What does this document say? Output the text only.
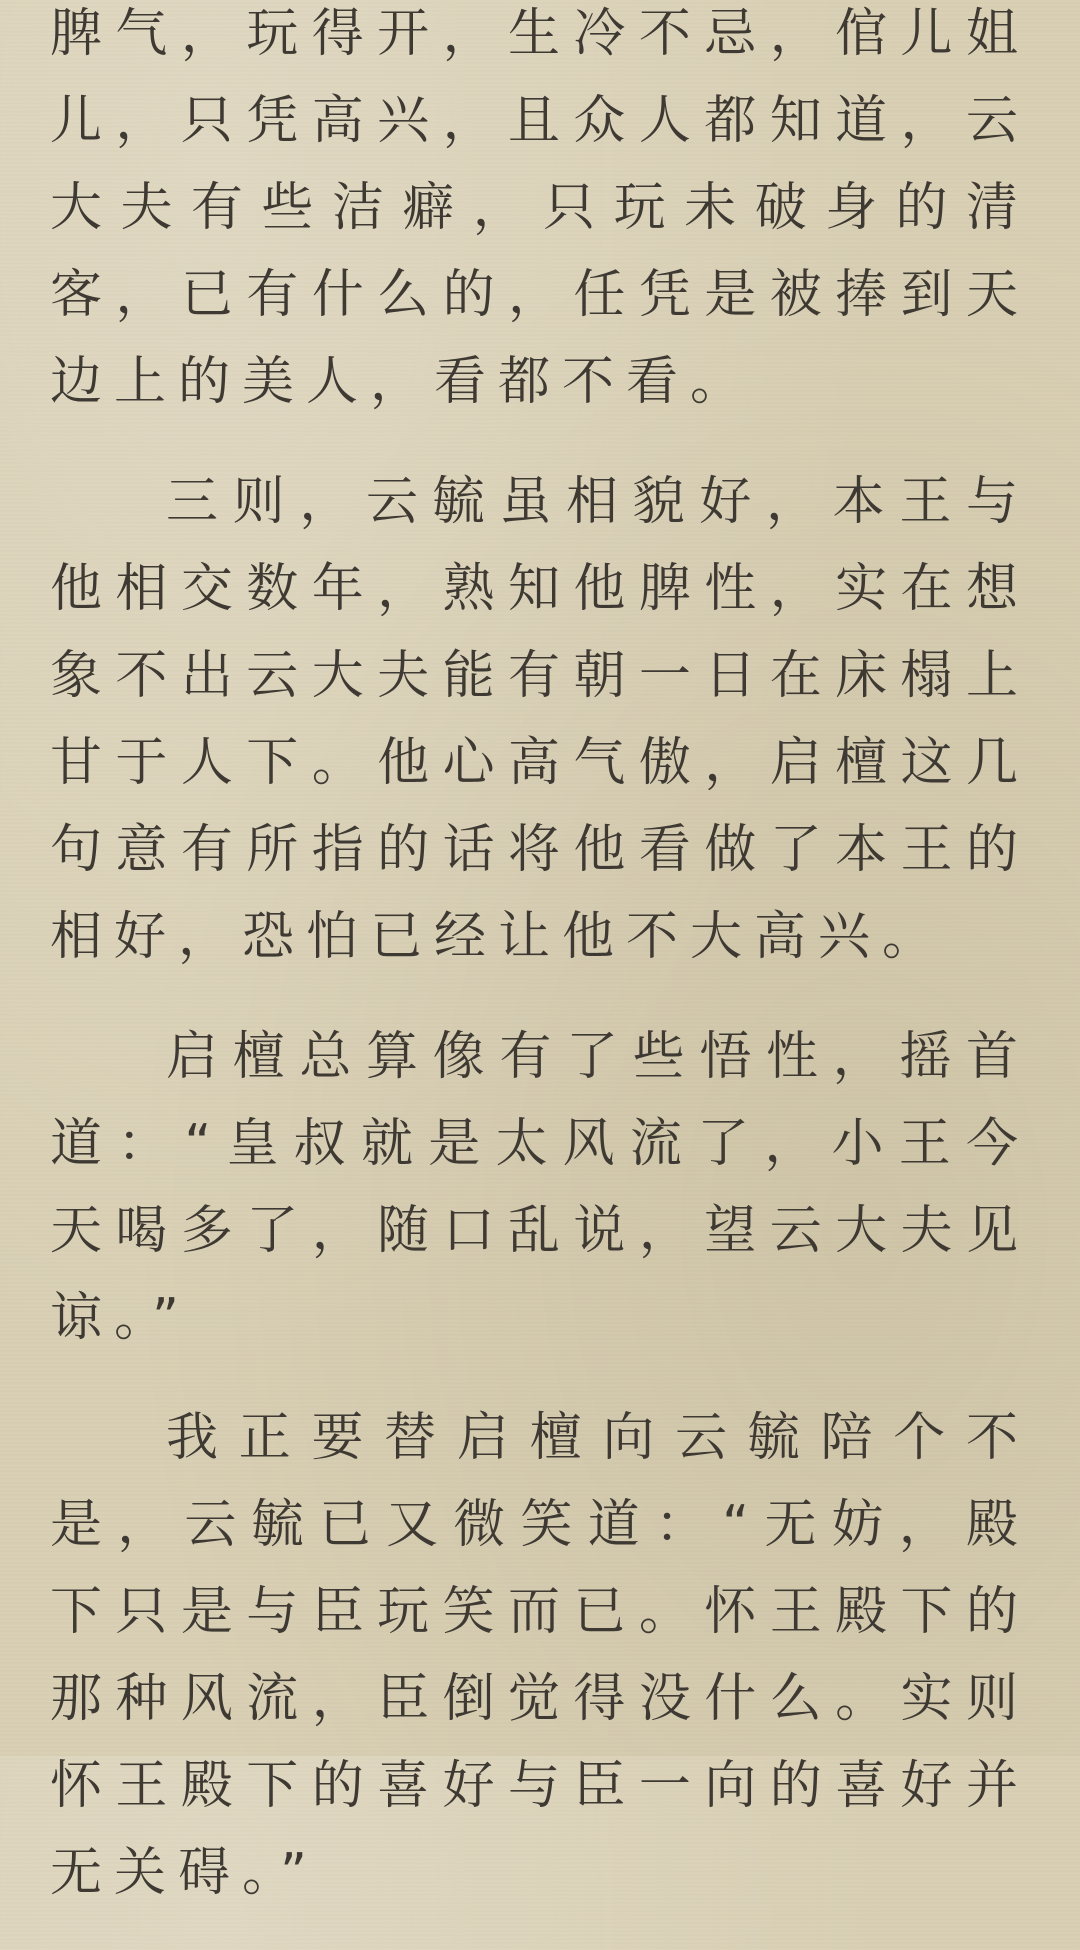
脾气，玩得开，生冷不忌，倌儿姐儿，只凭高兴，且众人都知道，云大夫有些洁癖，只玩未破身的清客，已有什么的，任凭是被捧到天边上的美人，看都不看。

三则，云毓虽相貌好，本王与他相交数年，熟知他脾性，实在想象不出云大夫能有朝一日在床榻上甘于人下。他心高气傲，启檀这几句意有所指的话将他看做了本王的相好，恐怕已经让他不大高兴。

启檀总算像有了些悟性，摇首道：“皇叔就是太风流了，小王今天喝多了，随口乱说，望云大夫见谅。”

我正要替启檀向云毓陪个不是，云毓已又微笑道：“无妨，殿下只是与臣玩笑而已。怀王殿下的那种风流，臣倒觉得没什么。实则怀王殿下的喜好与臣一向的喜好并无关碍。”
